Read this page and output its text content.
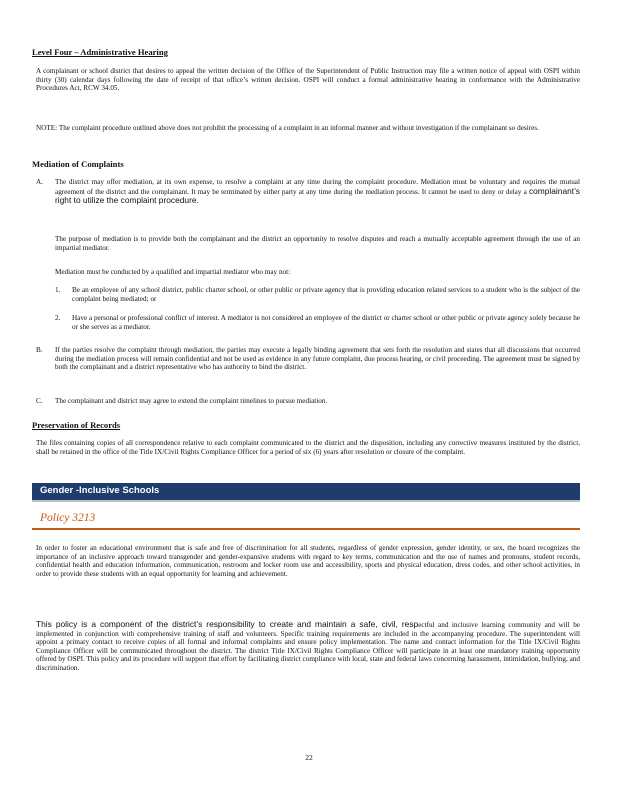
Level Four – Administrative Hearing
A complainant or school district that desires to appeal the written decision of the Office of the Superintendent of Public Instruction may file a written notice of appeal with OSPI within thirty (30) calendar days following the date of receipt of that office’s written decision. OSPI will conduct a formal administrative hearing in conformance with the Administrative Procedures Act, RCW 34.05.
NOTE: The complaint procedure outlined above does not prohibit the processing of a complaint in an informal manner and without investigation if the complainant so desires.
Mediation of Complaints
A. The district may offer mediation, at its own expense, to resolve a complaint at any time during the complaint procedure. Mediation must be voluntary and requires the mutual agreement of the district and the complainant. It may be terminated by either party at any time during the mediation process. It cannot be used to deny or delay a complainant’s right to utilize the complaint procedure.
The purpose of mediation is to provide both the complainant and the district an opportunity to resolve disputes and reach a mutually acceptable agreement through the use of an impartial mediator.
Mediation must be conducted by a qualified and impartial mediator who may not:
1. Be an employee of any school district, public charter school, or other public or private agency that is providing education related services to a student who is the subject of the complaint being mediated; or
2. Have a personal or professional conflict of interest. A mediator is not considered an employee of the district or charter school or other public or private agency solely because he or she serves as a mediator.
B. If the parties resolve the complaint through mediation, the parties may execute a legally binding agreement that sets forth the resolution and states that all discussions that occurred during the mediation process will remain confidential and not be used as evidence in any future complaint, due process hearing, or civil proceeding. The agreement must be signed by both the complainant and a district representative who has authority to bind the district.
C. The complainant and district may agree to extend the complaint timelines to pursue mediation.
Preservation of Records
The files containing copies of all correspondence relative to each complaint communicated to the district and the disposition, including any corrective measures instituted by the district, shall be retained in the office of the Title IX/Civil Rights Compliance Officer for a period of six (6) years after resolution or closure of the complaint.
Gender -Inclusive Schools
Policy 3213
In order to foster an educational environment that is safe and free of discrimination for all students, regardless of gender expression, gender identity, or sex, the board recognizes the importance of an inclusive approach toward transgender and gender-expansive students with regard to key terms, communication and the use of names and pronouns, student records, confidential health and education information, communication, restroom and locker room use and accessibility, sports and physical education, dress codes, and other school activities, in order to provide these students with an equal opportunity for learning and achievement.
This policy is a component of the district’s responsibility to create and maintain a safe, civil, respectful and inclusive learning community and will be implemented in conjunction with comprehensive training of staff and volunteers. Specific training requirements are included in the accompanying procedure. The superintendent will appoint a primary contact to receive copies of all formal and informal complaints and ensure policy implementation. The name and contact information for the Title IX/Civil Rights Compliance Officer will be communicated throughout the district. The district Title IX/Civil Rights Compliance Officer will participate in at least one mandatory training opportunity offered by OSPI. This policy and its procedure will support that effort by facilitating district compliance with local, state and federal laws concerning harassment, intimidation, bullying, and discrimination.
22
